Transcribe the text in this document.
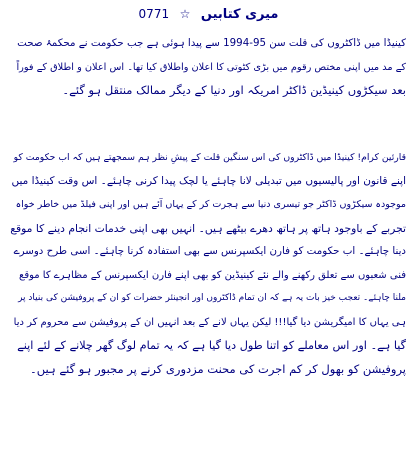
میری کتابیں ☆ 0771
کینیڈا میں ڈاکٹروں کی قلت سن 95-1994 سے پیدا ہوئی ہے جب حکومت نے محکمۂ صحت
کے مد میں اپنی مختص رقوم میں بڑی کٹوتی کا اعلان واطلاق کیا تھا۔ اس اعلان و اطلاق کے فوراً
بعد سیکڑوں کینیڈین ڈاکٹر امریکہ اور دنیا کے دیگر ممالک منتقل ہو گئے۔
قارئین کرام! کینیڈا میں ڈاکٹروں کی اس سنگین قلت کے پیشِ نظر ہم سمجھتے ہیں کہ اب حکومت کو
اپنے قانون اور پالیسیوں میں تبدیلی لانا چاہئے یا لچک پیدا کرنی چاہئے۔ اس وقت کینیڈا میں
موجودہ سیکڑوں ڈاکٹر جو تیسری دنیا سے ہجرت کر کے یہاں آئے ہیں اور اپنی فیلڈ میں خاطر خواہ
تجربے کے باوجود ہاتھ پر ہاتھ دھرے بیٹھے ہیں۔ انہیں بھی اپنی خدمات انجام دینے کا موقع
دینا چاہئے۔ اب حکومت کو فارن ایکسپرنس سے بھی استفادہ کرنا چاہئے۔ اسی طرح دوسرے
فنی شعبوں سے تعلق رکھنے والے نئے کینیڈین کو بھی اپنے فارن ایکسپرنس کے مظاہرے کا موقع
ملنا چاہئے۔ تعجب خیز بات یہ ہے کہ ان تمام ڈاکٹروں اور انجینئر حضرات کو ان کے پروفیشن کی بنیاد پر
ہی یہاں کا امیگریشن دیا گیا!!! لیکن یہاں لانے کے بعد انہیں ان کے پروفیشن سے محروم کر دیا
گیا ہے۔ اور اس معاملے کو اتنا طول دیا گیا ہے کہ یہ تمام لوگ گھر چلانے کے لئے اپنے
پروفیشن کو بھول کر کم اجرت کی محنت مزدوری کرنے پر مجبور ہو گئے ہیں۔
